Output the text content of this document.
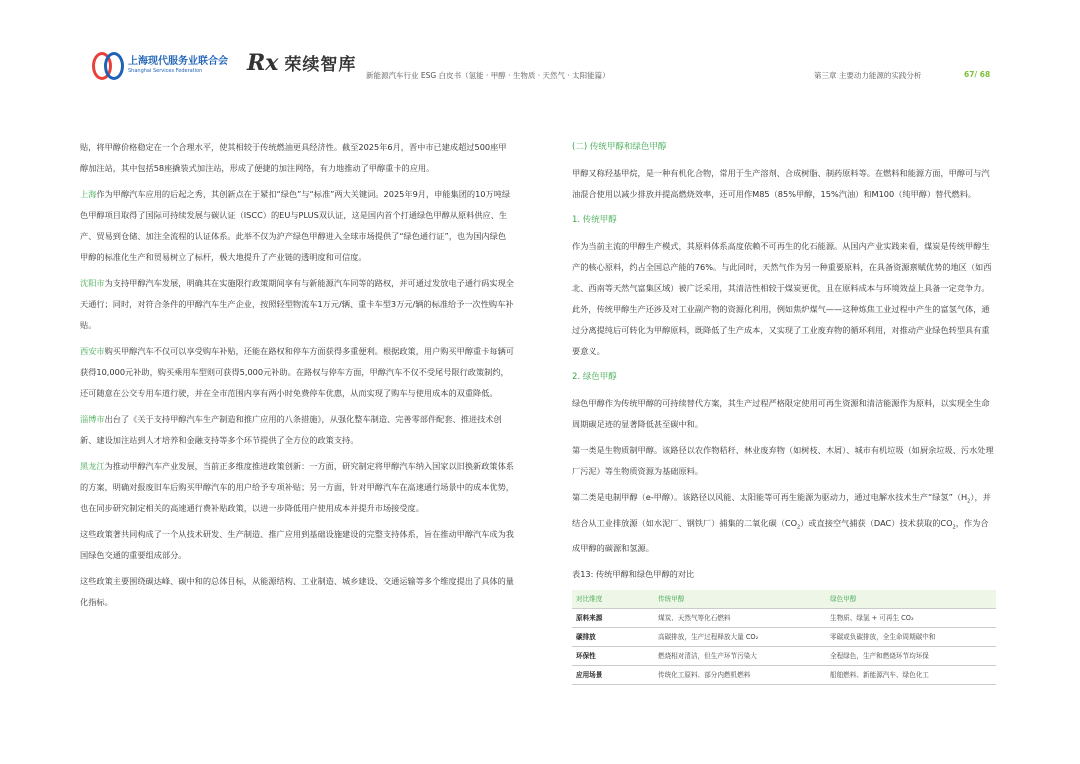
上海现代服务业联合会
Shanghai Services Federation	Rx 荣续智库
新能源汽车行业 ESG 白皮书（氢能 · 甲醇 · 生物质 · 天然气 · 太阳能篇）	第三章 主要动力能源的实践分析	67/ 68

贴，将甲醇价格稳定在一个合理水平，使其相较于传统燃油更具经济性。截至2025年6月，晋中市已建成超过500座甲醇加注站，其中包括58座撬装式加注站，形成了便捷的加注网络，有力地推动了甲醇重卡的应用。

上海作为甲醇汽车应用的后起之秀，其创新点在于紧扣“绿色”与“标准”两大关键词。2025年9月，申能集团的10万吨绿色甲醇项目取得了国际可持续发展与碳认证（ISCC）的EU与PLUS双认证，这是国内首个打通绿色甲醇从原料供应、生产、贸易到仓储、加注全流程的认证体系。此举不仅为沪产绿色甲醇进入全球市场提供了“绿色通行证”，也为国内绿色甲醇的标准化生产和贸易树立了标杆，极大地提升了产业链的透明度和可信度。

沈阳市为支持甲醇汽车发展，明确其在实施限行政策期间享有与新能源汽车同等的路权，并可通过发放电子通行码实现全天通行；同时，对符合条件的甲醇汽车生产企业，按照轻型物流车1万元/辆、重卡车型3万元/辆的标准给予一次性购车补贴。

西安市购买甲醇汽车不仅可以享受购车补贴，还能在路权和停车方面获得多重便利。根据政策，用户购买甲醇重卡每辆可获得10,000元补助，购买乘用车型则可获得5,000元补助。在路权与停车方面，甲醇汽车不仅不受尾号限行政策制约，还可随意在公交专用车道行驶，并在全市范围内享有两小时免费停车优惠，从而实现了购车与使用成本的双重降低。

淄博市出台了《关于支持甲醇汽车生产制造和推广应用的八条措施》，从强化整车制造、完善零部件配套、推进技术创新、建设加注站到人才培养和金融支持等多个环节提供了全方位的政策支持。

黑龙江为推动甲醇汽车产业发展，当前正多维度推进政策创新：一方面，研究制定将甲醇汽车纳入国家以旧换新政策体系的方案，明确对报废旧车后购买甲醇汽车的用户给予专项补贴；另一方面，针对甲醇汽车在高速通行场景中的成本优势，也在同步研究制定相关的高速通行费补贴政策，以进一步降低用户使用成本并提升市场接受度。

这些政策著共同构成了一个从技术研发、生产制造、推广应用到基础设施建设的完整支持体系，旨在推动甲醇汽车成为我国绿色交通的重要组成部分。

这些政策主要围绕碳达峰、碳中和的总体目标，从能源结构、工业制造、城乡建设、交通运输等多个维度提出了具体的量化指标。

(二) 传统甲醇和绿色甲醇

甲醇又称羟基甲烷，是一种有机化合物，常用于生产溶剂、合成树脂、制药原料等。在燃料和能源方面，甲醇可与汽油混合使用以减少排放并提高燃烧效率，还可用作M85（85%甲醇，15%汽油）和M100（纯甲醇）替代燃料。

1. 传统甲醇

作为当前主流的甲醇生产模式，其原料体系高度依赖不可再生的化石能源。从国内产业实践来看，煤炭是传统甲醇生产的核心原料，约占全国总产能的76%。与此同时，天然气作为另一种重要原料，在具备资源禀赋优势的地区（如西北、西南等天然气富集区域）被广泛采用，其清洁性相较于煤炭更优，且在原料成本与环境效益上具备一定竞争力。此外，传统甲醇生产还涉及对工业副产物的资源化利用，例如焦炉煤气——这种炼焦工业过程中产生的富氢气体，通过分离提纯后可转化为甲醇原料，既降低了生产成本，又实现了工业废弃物的循环利用，对推动产业绿色转型具有重要意义。

2. 绿色甲醇

绿色甲醇作为传统甲醇的可持续替代方案，其生产过程严格限定使用可再生资源和清洁能源作为原料，以实现全生命周期碳足迹的显著降低甚至碳中和。

第一类是生物质制甲醇。该路径以农作物秸秆、林业废弃物（如树枝、木屑）、城市有机垃圾（如厨余垃圾、污水处理厂污泥）等生物质资源为基础原料。

第二类是电制甲醇（e-甲醇）。该路径以风能、太阳能等可再生能源为驱动力，通过电解水技术生产“绿氢$”(H_2)$，并结合从工业排放源（如水泥厂、钢铁厂）捕集的二氧化碳$(CO_2)$或直接空气捕获（DAC）技术获取的$CO_2$，作为合成甲醇的碳源和氢源。

表13: 传统甲醇和绿色甲醇的对比

对比维度	传统甲醇	绿色甲醇
原料来源	煤炭、天然气等化石燃料	生物质、绿氢 + 可再生 CO₂
碳排放	高碳排放，生产过程释放大量 CO₂	零碳或负碳排放，全生命周期碳中和
环保性	燃烧相对清洁，但生产环节污染大	全程绿色，生产和燃烧环节均环保
应用场景	传统化工原料、部分内燃机燃料	船舶燃料、新能源汽车、绿色化工
